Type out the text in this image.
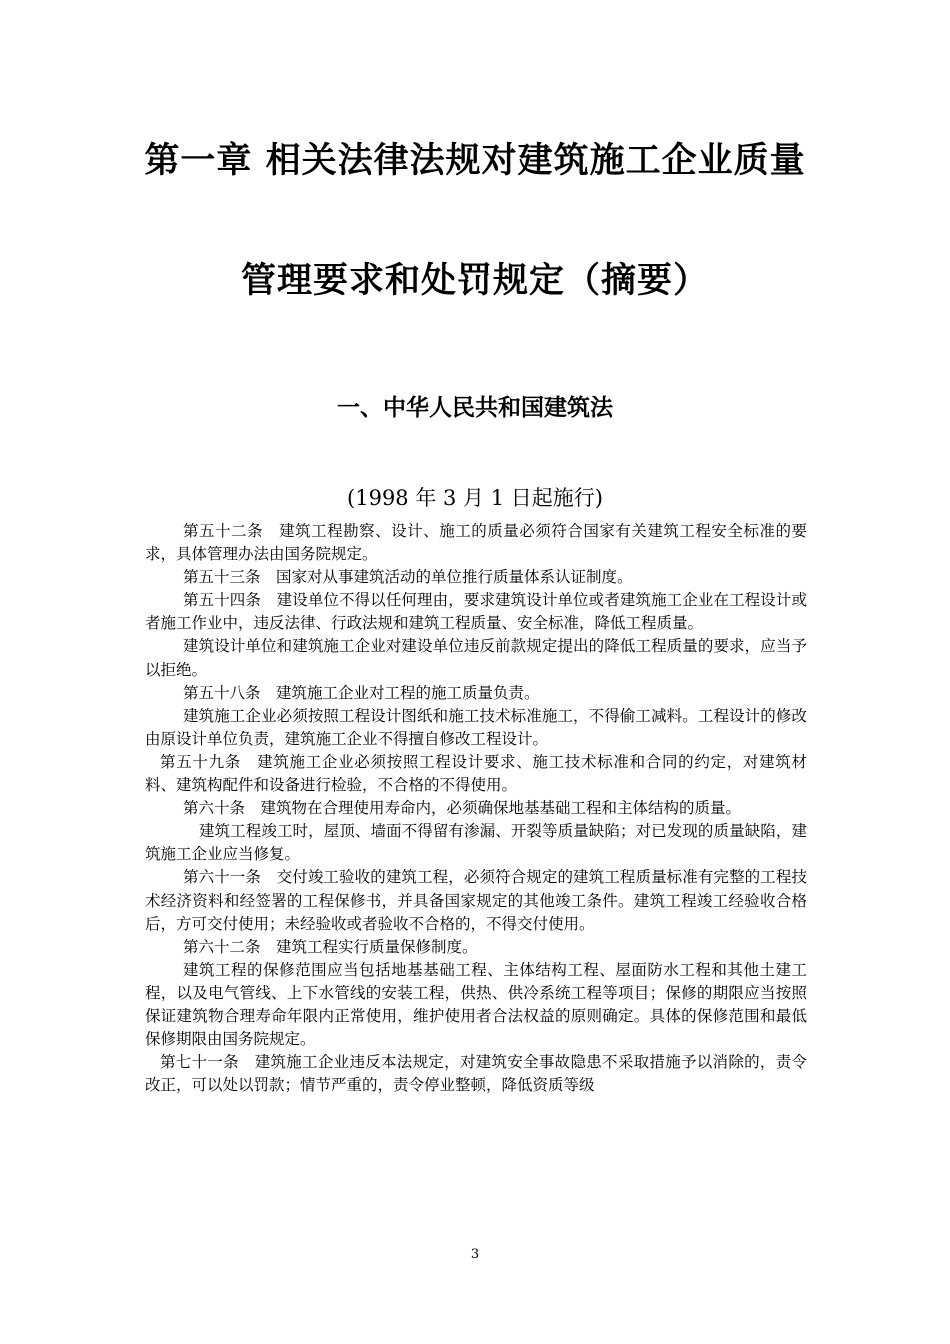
第一章 相关法律法规对建筑施工企业质量
管理要求和处罚规定（摘要）
一、中华人民共和国建筑法
(1998 年 3 月 1 日起施行)

第五十二条　建筑工程勘察、设计、施工的质量必须符合国家有关建筑工程安全标准的要求，具体管理办法由国务院规定。

第五十三条　国家对从事建筑活动的单位推行质量体系认证制度。

第五十四条　建设单位不得以任何理由，要求建筑设计单位或者建筑施工企业在工程设计或者施工作业中，违反法律、行政法规和建筑工程质量、安全标准，降低工程质量。

建筑设计单位和建筑施工企业对建设单位违反前款规定提出的降低工程质量的要求，应当予以拒绝。

第五十八条　建筑施工企业对工程的施工质量负责。

建筑施工企业必须按照工程设计图纸和施工技术标准施工，不得偷工减料。工程设计的修改由原设计单位负责，建筑施工企业不得擅自修改工程设计。

第五十九条　建筑施工企业必须按照工程设计要求、施工技术标准和合同的约定，对建筑材料、建筑构配件和设备进行检验，不合格的不得使用。

第六十条　建筑物在合理使用寿命内，必须确保地基基础工程和主体结构的质量。

建筑工程竣工时，屋顶、墙面不得留有渗漏、开裂等质量缺陷；对已发现的质量缺陷，建筑施工企业应当修复。

第六十一条　交付竣工验收的建筑工程，必须符合规定的建筑工程质量标准有完整的工程技术经济资料和经签署的工程保修书，并具备国家规定的其他竣工条件。建筑工程竣工经验收合格后，方可交付使用；未经验收或者验收不合格的，不得交付使用。

第六十二条　建筑工程实行质量保修制度。

建筑工程的保修范围应当包括地基基础工程、主体结构工程、屋面防水工程和其他土建工程，以及电气管线、上下水管线的安装工程，供热、供冷系统工程等项目；保修的期限应当按照保证建筑物合理寿命年限内正常使用，维护使用者合法权益的原则确定。具体的保修范围和最低保修期限由国务院规定。

第七十一条　建筑施工企业违反本法规定，对建筑安全事故隐患不采取措施予以消除的，责令改正，可以处以罚款；情节严重的，责令停业整顿，降低资质等级

3
